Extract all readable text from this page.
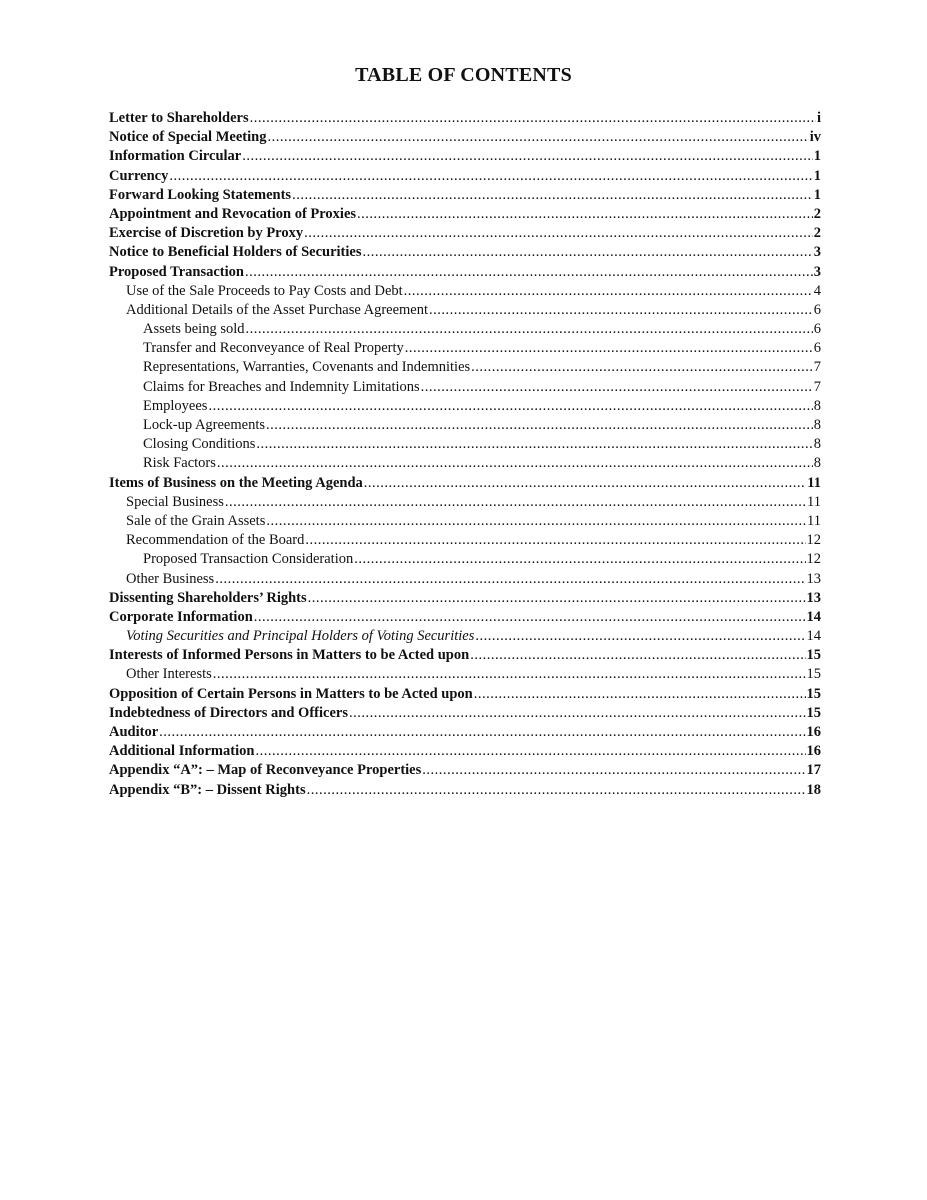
TABLE OF CONTENTS
Letter to Shareholders .....	i
Notice of Special Meeting .....	iv
Information Circular .....	1
Currency .....	1
Forward Looking Statements .....	1
Appointment and Revocation of Proxies .....	2
Exercise of Discretion by Proxy .....	2
Notice to Beneficial Holders of Securities .....	3
Proposed Transaction .....	3
Use of the Sale Proceeds to Pay Costs and Debt .....	4
Additional Details of the Asset Purchase Agreement .....	6
Assets being sold .....	6
Transfer and Reconveyance of Real Property .....	6
Representations, Warranties, Covenants and Indemnities .....	7
Claims for Breaches and Indemnity Limitations .....	7
Employees .....	8
Lock-up Agreements .....	8
Closing Conditions .....	8
Risk Factors .....	8
Items of Business on the Meeting Agenda .....	11
Special Business .....	11
Sale of the Grain Assets .....	11
Recommendation of the Board .....	12
Proposed Transaction Consideration .....	12
Other Business .....	13
Dissenting Shareholders’ Rights .....	13
Corporate Information .....	14
Voting Securities and Principal Holders of Voting Securities .....	14
Interests of Informed Persons in Matters to be Acted upon .....	15
Other Interests .....	15
Opposition of Certain Persons in Matters to be Acted upon .....	15
Indebtedness of Directors and Officers .....	15
Auditor .....	16
Additional Information .....	16
Appendix “A”: – Map of Reconveyance Properties .....	17
Appendix “B”: – Dissent Rights .....	18
